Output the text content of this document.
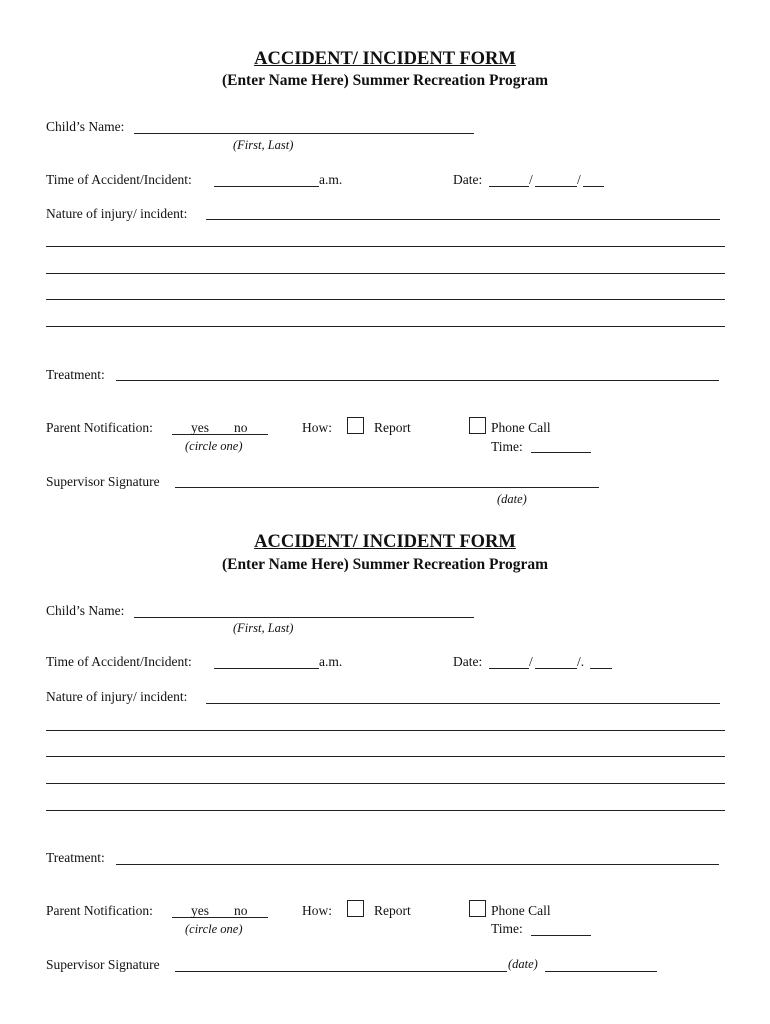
ACCIDENT/ INCIDENT FORM
(Enter Name Here) Summer Recreation Program
Child’s Name:
(First, Last)
Time of Accident/Incident:	a.m.	Date:	/	/
Nature of injury/ incident:
Treatment:
Parent Notification:	yes no
(circle one)
How:	Report	Phone Call
Time:
Supervisor Signature
(date)
ACCIDENT/ INCIDENT FORM
(Enter Name Here) Summer Recreation Program
Child’s Name:
(First, Last)
Time of Accident/Incident:	a.m.	Date:	/	/.
Nature of injury/ incident:
Treatment:
Parent Notification:	yes no
(circle one)
How:	Report	Phone Call
Time:
Supervisor Signature	(date)
